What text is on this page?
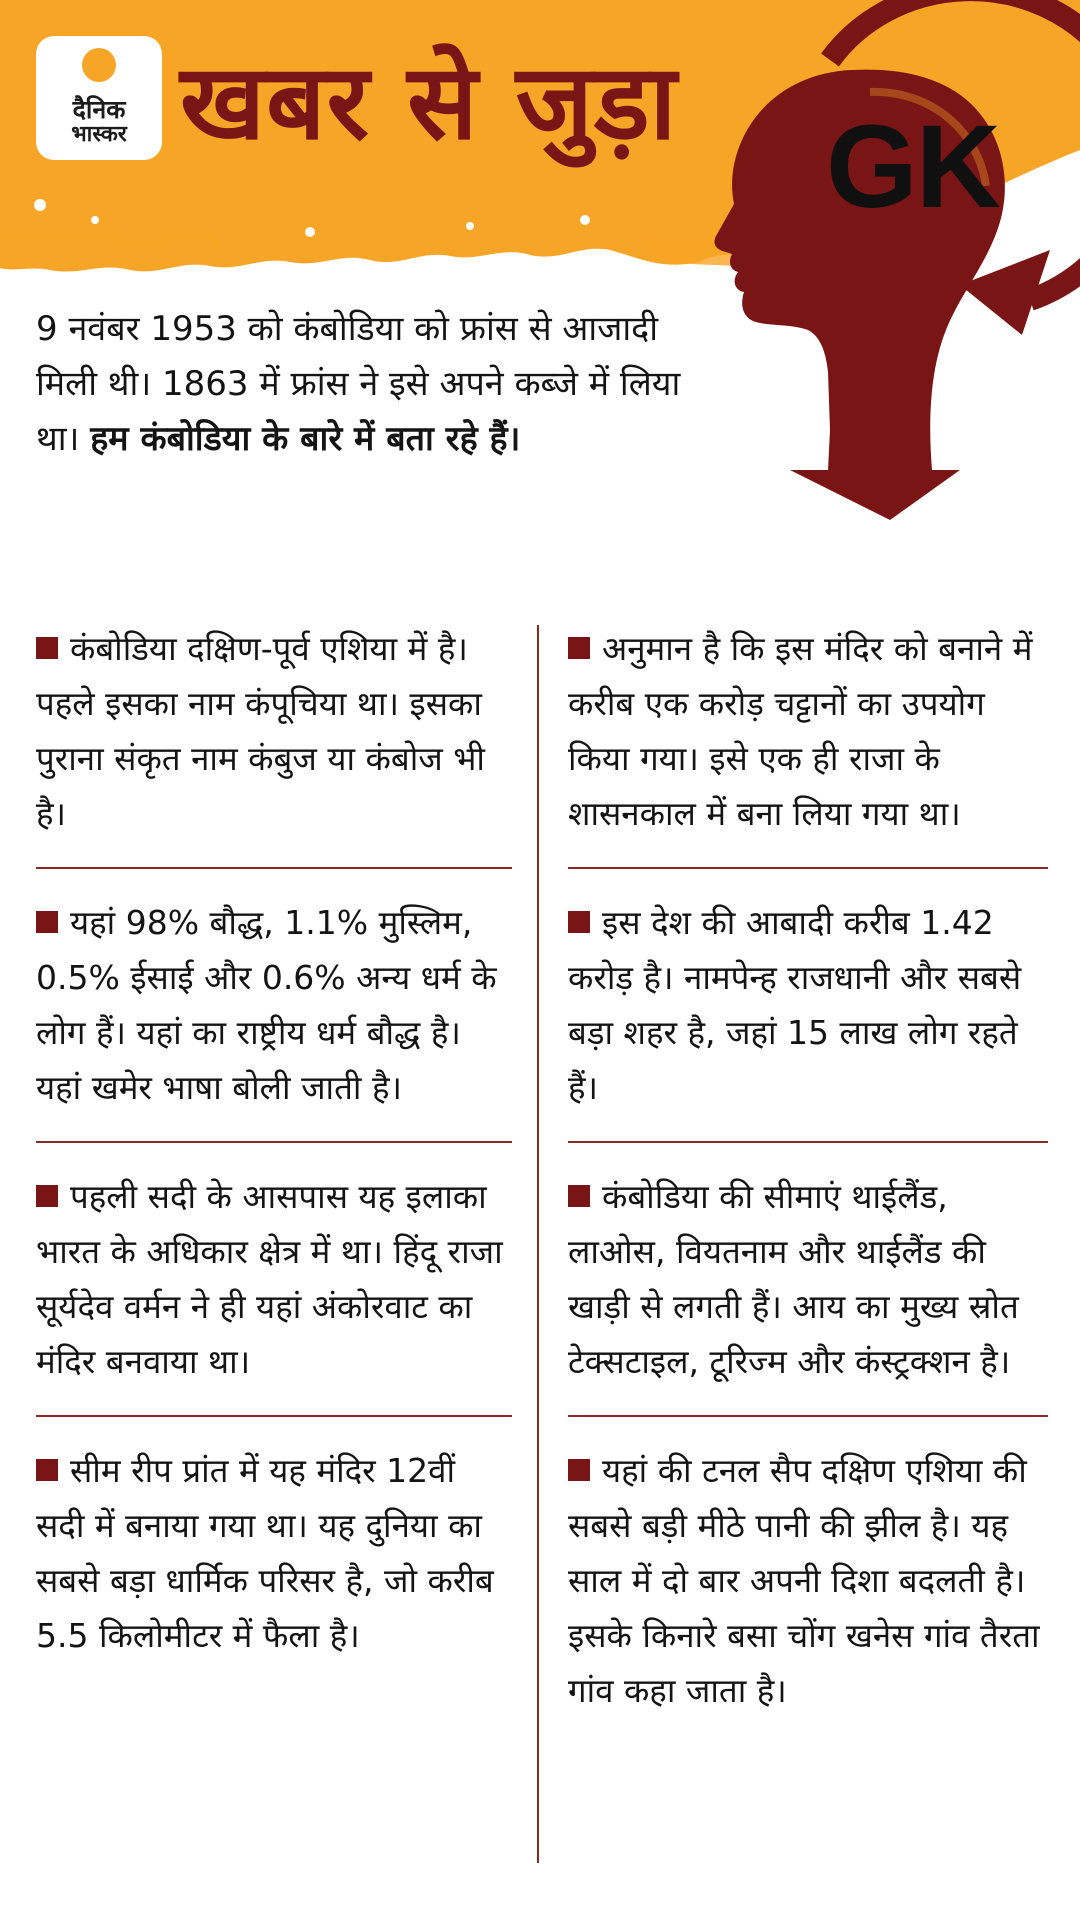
दैनिक
भास्कर खबर से जुड़ा GK
9 नवंबर 1953 को कंबोडिया को फ्रांस से आजादी मिली थी। 1863 में फ्रांस ने इसे अपने कब्जे में लिया था। हम कंबोडिया के बारे में बता रहे हैं।
कंबोडिया दक्षिण-पूर्व एशिया में है। पहले इसका नाम कंपूचिया था। इसका पुराना संकृत नाम कंबुज या कंबोज भी है।
यहां 98% बौद्ध, 1.1% मुस्लिम, 0.5% ईसाई और 0.6% अन्य धर्म के लोग हैं। यहां का राष्ट्रीय धर्म बौद्ध है। यहां खमेर भाषा बोली जाती है।
पहली सदी के आसपास यह इलाका भारत के अधिकार क्षेत्र में था। हिंदू राजा सूर्यदेव वर्मन ने ही यहां अंकोरवाट का मंदिर बनवाया था।
सीम रीप प्रांत में यह मंदिर 12वीं सदी में बनाया गया था। यह दुनिया का सबसे बड़ा धार्मिक परिसर है, जो करीब 5.5 किलोमीटर में फैला है।
अनुमान है कि इस मंदिर को बनाने में करीब एक करोड़ चट्टानों का उपयोग किया गया। इसे एक ही राजा के शासनकाल में बना लिया गया था।
इस देश की आबादी करीब 1.42 करोड़ है। नामपेन्ह राजधानी और सबसे बड़ा शहर है, जहां 15 लाख लोग रहते हैं।
कंबोडिया की सीमाएं थाईलैंड, लाओस, वियतनाम और थाईलैंड की खाड़ी से लगती हैं। आय का मुख्य स्रोत टेक्सटाइल, टूरिज्म और कंस्ट्रक्शन है।
यहां की टनल सैप दक्षिण एशिया की सबसे बड़ी मीठे पानी की झील है। यह साल में दो बार अपनी दिशा बदलती है। इसके किनारे बसा चोंग खनेस गांव तैरता गांव कहा जाता है।
